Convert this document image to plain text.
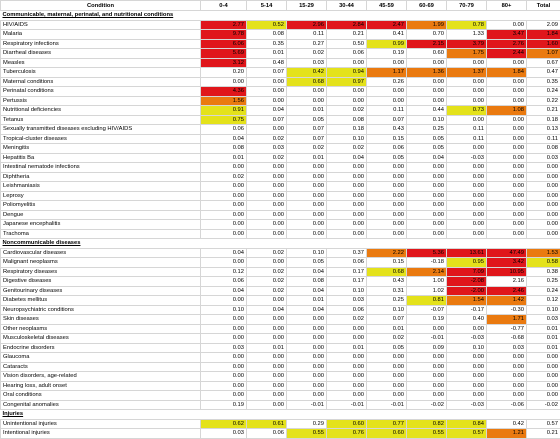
Condition	0-4	5-14	15-29	30-44	45-59	60-69	70-79	80+	Total
Communicable, maternal, perinatal, and nutritional conditions									
HIV/AIDS	2.77	0.52	2.96	2.84	2.47	1.99	0.78	0.00	2.09
Malaria	9.78	0.08	0.11	0.21	0.41	0.70	1.33	3.47	1.84
Respiratory infections	6.06	0.35	0.27	0.50	0.99	2.15	3.79	2.76	1.60
Diarrheal diseases	5.69	0.01	0.02	0.06	0.19	0.60	1.75	2.44	1.07
Measles	3.12	0.48	0.03	0.00	0.00	0.00	0.00	0.00	0.67
Tuberculosis	0.20	0.07	0.42	0.94	1.17	1.36	1.37	1.84	0.47
Maternal conditions	0.00	0.00	0.68	0.97	0.26	0.00	0.00	0.00	0.35
Perinatal conditions	4.36	0.00	0.00	0.00	0.00	0.00	0.00	0.00	0.24
Pertussis	1.56	0.00	0.00	0.00	0.00	0.00	0.00	0.00	0.22
Nutritional deficiencies	0.91	0.04	0.01	0.02	0.11	0.44	0.73	1.08	0.21
Tetanus	0.75	0.07	0.05	0.08	0.07	0.10	0.00	0.00	0.18
Sexually transmitted diseases excluding HIV/AIDS	0.06	0.00	0.07	0.18	0.43	0.25	0.11	0.00	0.13
Tropical-cluster diseases	0.04	0.02	0.07	0.10	0.15	0.05	0.11	0.00	0.11
Meningitis	0.08	0.03	0.02	0.02	0.06	0.05	0.00	0.00	0.08
Hepatitis Bа	0.01	0.02	0.01	0.04	0.05	0.04	-0.03	0.00	0.03
Intestinal nematode infections	0.00	0.00	0.00	0.00	0.00	0.00	0.00	0.00	0.00
Diphtheria	0.02	0.00	0.00	0.00	0.00	0.00	0.00	0.00	0.00
Leishmaniasis	0.00	0.00	0.00	0.00	0.00	0.00	0.00	0.00	0.00
Leprosy	0.00	0.00	0.00	0.00	0.00	0.00	0.00	0.00	0.00
Poliomyelitis	0.00	0.00	0.00	0.00	0.00	0.00	0.00	0.00	0.00
Dengue	0.00	0.00	0.00	0.00	0.00	0.00	0.00	0.00	0.00
Japanese encephalitis	0.00	0.00	0.00	0.00	0.00	0.00	0.00	0.00	0.00
Trachoma	0.00	0.00	0.00	0.00	0.00	0.00	0.00	0.00	0.00
Noncommunicable diseases									
Cardiovascular diseases	0.04	0.02	0.10	0.37	2.22	5.36	13.61	47.49	1.53
Malignant neoplasms	0.00	0.00	0.05	0.06	0.15	-0.18	0.95	3.42	0.58
Respiratory diseases	0.12	0.02	0.04	0.17	0.68	2.14	7.09	10.95	0.38
Digestive diseases	0.06	0.02	0.08	0.17	0.43	1.00	-2.08	2.16	0.25
Genitourinary diseases	0.04	0.02	0.04	0.10	0.31	1.02	-2.00	2.46	0.24
Diabetes mellitus	0.00	0.00	0.01	0.03	0.25	0.81	1.54	1.42	0.12
Neuropsychiatric conditions	0.10	0.04	0.04	0.06	0.10	-0.07	-0.17	-0.30	0.10
Skin diseases	0.00	0.00	0.00	0.02	0.07	0.19	0.40	1.71	0.03
Other neoplasms	0.00	0.00	0.00	0.00	0.01	0.00	0.00	-0.77	0.01
Musculoskeletal diseases	0.00	0.00	0.00	0.00	0.02	-0.01	-0.03	-0.68	0.01
Endocrine disorders	0.03	0.01	0.00	0.01	0.05	0.09	0.10	0.03	0.01
Glaucoma	0.00	0.00	0.00	0.00	0.00	0.00	0.00	0.00	0.00
Cataracts	0.00	0.00	0.00	0.00	0.00	0.00	0.00	0.00	0.00
Vision disorders, age-related	0.00	0.00	0.00	0.00	0.00	0.00	0.00	0.00	0.00
Hearing loss, adult onset	0.00	0.00	0.00	0.00	0.00	0.00	0.00	0.00	0.00
Oral conditions	0.00	0.00	0.00	0.00	0.00	0.00	0.00	0.00	0.00
Congenital anomalies	0.19	0.00	-0.01	-0.01	-0.01	-0.02	-0.03	-0.06	-0.02
Injuries									
Unintentional injuries	0.62	0.61	0.29	0.60	0.77	0.82	0.84	0.42	0.57
Intentional injuries	0.03	0.06	0.55	0.76	0.60	0.55	0.57	1.21	0.21
